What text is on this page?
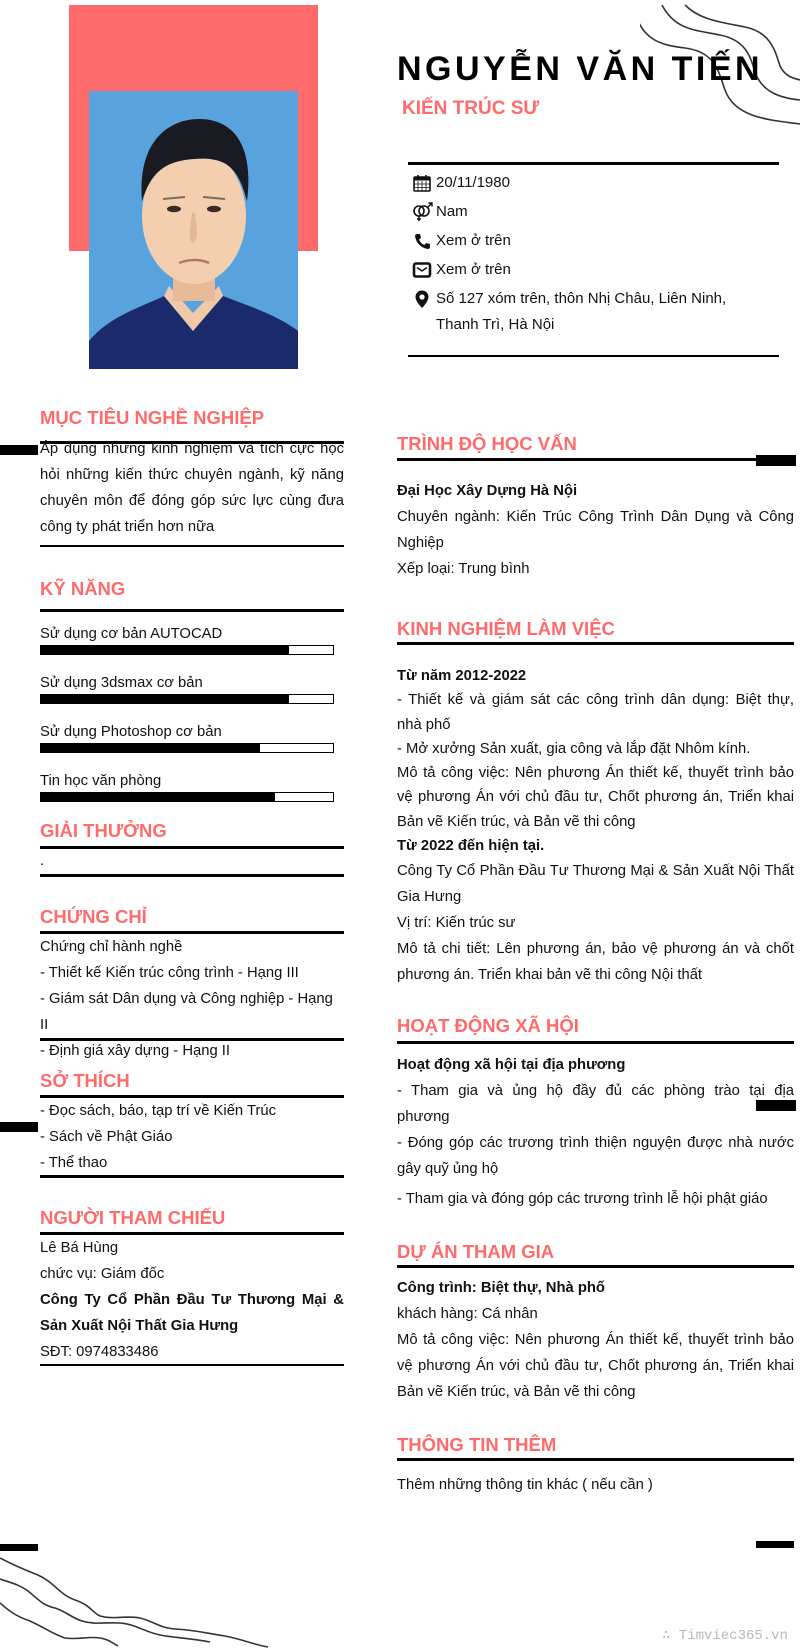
NGUYỄN VĂN TIẾN
KIẾN TRÚC SƯ
20/11/1980
Nam
Xem ở trên
Xem ở trên
Số 127 xóm trên, thôn Nhị Châu, Liên Ninh,
Thanh Trì, Hà Nội
MỤC TIÊU NGHỀ NGHIỆP
Áp dụng những kinh nghiệm và tích cực học
hỏi những kiến thức chuyên ngành, kỹ năng
chuyên môn để đóng góp sức lực cùng đưa
công ty phát triển hơn nữa
KỸ NĂNG
Sử dụng cơ bản AUTOCAD
Sử dụng 3dsmax cơ bản
Sử dụng Photoshop cơ bản
Tin học văn phòng
GIẢI THƯỞNG
.
CHỨNG CHỈ
Chứng chỉ hành nghề
- Thiết kế Kiến trúc công trình - Hạng III
- Giám sát Dân dụng và Công nghiệp - Hạng II
- Định giá xây dựng - Hạng II
SỞ THÍCH
- Đọc sách, báo, tạp trí về Kiến Trúc
- Sách về Phật Giáo
- Thể thao
NGƯỜI THAM CHIẾU
Lê Bá Hùng
chức vụ: Giám đốc
Công Ty Cổ Phần Đầu Tư Thương Mại &
Sản Xuất Nội Thất Gia Hưng
SĐT: 0974833486
TRÌNH ĐỘ HỌC VẤN
Đại Học Xây Dựng Hà Nội
Chuyên ngành: Kiến Trúc Công Trình Dân Dụng và Công
Nghiệp
Xếp loại: Trung bình
KINH NGHIỆM LÀM VIỆC
Từ năm 2012-2022
- Thiết kế và giám sát các công trình dân dụng: Biệt thự,
nhà phố
- Mở xưởng Sản xuất, gia công và lắp đặt Nhôm kính.
Mô tả công việc: Nên phương Án thiết kế, thuyết trình bảo
vệ phương Án với chủ đầu tư, Chốt phương án, Triển khai
Bản vẽ Kiến trúc, và Bản vẽ thi công
Từ 2022 đến hiện tại.
Công Ty Cổ Phần Đầu Tư Thương Mại & Sản Xuất Nội Thất
Gia Hưng
Vị trí: Kiến trúc sư
Mô tả chi tiết: Lên phương án, bảo vệ phương án và chốt
phương án. Triển khai bản vẽ thi công Nội thất
HOẠT ĐỘNG XÃ HỘI
Hoạt động xã hội tại địa phương
- Tham gia và ủng hộ đầy đủ các phòng trào tại địa
phương
- Đóng góp các trương trình thiện nguyện được nhà nước
gây quỹ ủng hộ
- Tham gia và đóng góp các trương trình lễ hội phật giáo
DỰ ÁN THAM GIA
Công trình: Biệt thự, Nhà phố
khách hàng: Cá nhân
Mô tả công việc: Nên phương Án thiết kế, thuyết trình bảo
vệ phương Án với chủ đầu tư, Chốt phương án, Triển khai
Bản vẽ Kiến trúc, và Bản vẽ thi công
THÔNG TIN THÊM
Thêm những thông tin khác ( nếu cần )
∴ Timviec365.vn
